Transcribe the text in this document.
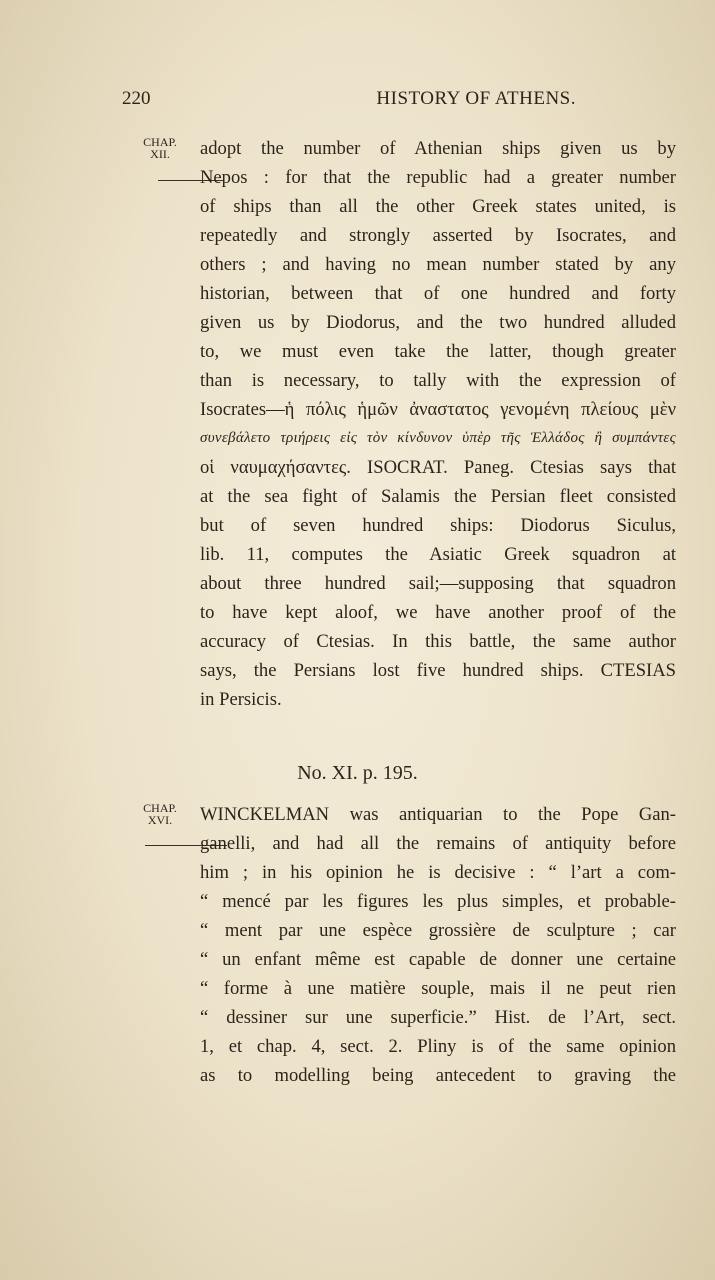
220	HISTORY OF ATHENS.
CHAP.
XII.	adopt the number of Athenian ships given us by
Nepos : for that the republic had a greater number
of ships than all the other Greek states united, is
repeatedly and strongly asserted by Isocrates, and
others ; and having no mean number stated by any
historian, between that of one hundred and forty
given us by Diodorus, and the two hundred alluded
to, we must even take the latter, though greater
than is necessary, to tally with the expression of
Isocrates—ἡ πόλις ἡμῶν ἀναστατος γενομένη πλείους μὲν
συνεβάλετο τριήρεις εἰς τὸν κίνδυνον ὑπὲρ τῆς Ἑλλάδος ἢ συμπάντες
οἱ ναυμαχήσαντες. ISOCRAT. Paneg. Ctesias says that
at the sea fight of Salamis the Persian fleet consisted
but of seven hundred ships: Diodorus Siculus,
lib. 11, computes the Asiatic Greek squadron at
about three hundred sail;—supposing that squadron
to have kept aloof, we have another proof of the
accuracy of Ctesias. In this battle, the same author
says, the Persians lost five hundred ships. CTESIAS
in Persicis.
No. XI. p. 195.
CHAP.
XVI.	WINCKELMAN was antiquarian to the Pope Gan-
ganelli, and had all the remains of antiquity before
him ; in his opinion he is decisive : “ l’art a com-
“ mencé par les figures les plus simples, et probable-
“ ment par une espèce grossière de sculpture ; car
“ un enfant même est capable de donner une certaine
“ forme à une matière souple, mais il ne peut rien
“ dessiner sur une superficie.” Hist. de l’Art, sect.
1, et chap. 4, sect. 2. Pliny is of the same opinion
as to modelling being antecedent to graving the
